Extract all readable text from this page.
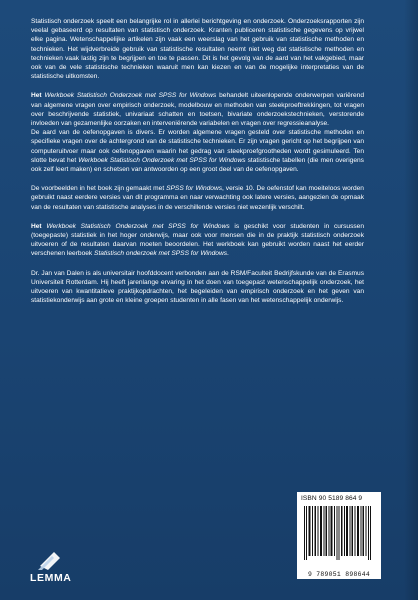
Statistisch onderzoek speelt een belangrijke rol in allerlei berichtgeving en onderzoek. Onderzoeksrapporten zijn veelal gebaseerd op resultaten van statistisch onderzoek. Kranten publiceren statistische gegevens op vrijwel elke pagina. Wetenschappelijke artikelen zijn vaak een weerslag van het gebruik van statistische methoden en technieken. Het wijdverbreide gebruik van statistische resultaten neemt niet weg dat statistische methoden en technieken vaak lastig zijn te begrijpen en toe te passen. Dit is het gevolg van de aard van het vakgebied, maar ook van de vele statistische technieken waaruit men kan kiezen en van de mogelijke interpretaties van de statistische uitkomsten.

Het Werkboek Statistisch Onderzoek met SPSS for Windows behandelt uiteenlopende onderwerpen variërend van algemene vragen over empirisch onderzoek, modelbouw en methoden van steekproeftrekkingen, tot vragen over beschrijvende statistiek, univariaat schatten en toetsen, bivariate onderzoekstechnieken, verstorende invloeden van gezamenlijke oorzaken en interveniërende variabelen en vragen over regressieanalyse.

De aard van de oefenopgaven is divers. Er worden algemene vragen gesteld over statistische methoden en specifieke vragen over de achtergrond van de statistische technieken. Er zijn vragen gericht op het begrijpen van computeruitvoer maar ook oefenopgaven waarin het gedrag van steekproefgrootheden wordt gesimuleerd. Ten slotte bevat het Werkboek Statistisch Onderzoek met SPSS for Windows statistische tabellen (die men overigens ook zelf leert maken) en schetsen van antwoorden op een groot deel van de oefenopgaven.

De voorbeelden in het boek zijn gemaakt met SPSS for Windows, versie 10. De oefenstof kan moeiteloos worden gebruikt naast eerdere versies van dit programma en naar verwachting ook latere versies, aangezien de opmaak van de resultaten van statistische analyses in de verschillende versies niet wezenlijk verschilt.

Het Werkboek Statistisch Onderzoek met SPSS for Windows is geschikt voor studenten in cursussen (toegepaste) statistiek in het hoger onderwijs, maar ook voor mensen die in de praktijk statistisch onderzoek uitvoeren of de resultaten daarvan moeten beoordelen. Het werkboek kan gebruikt worden naast het eerder verschenen leerboek Statistisch onderzoek met SPSS for Windows.

Dr. Jan van Dalen is als universitair hoofddocent verbonden aan de RSM/Faculteit Bedrijfskunde van de Erasmus Universiteit Rotterdam. Hij heeft jarenlange ervaring in het doen van toegepast wetenschappelijk onderzoek, het uitvoeren van kwantitatieve praktijkopdrachten, het begeleiden van empirisch onderzoek en het geven van statistiekonderwijs aan grote en kleine groepen studenten in alle fasen van het wetenschappelijk onderwijs.

ISBN 90 5189 864 9
9 789051 898644
LEMMA
